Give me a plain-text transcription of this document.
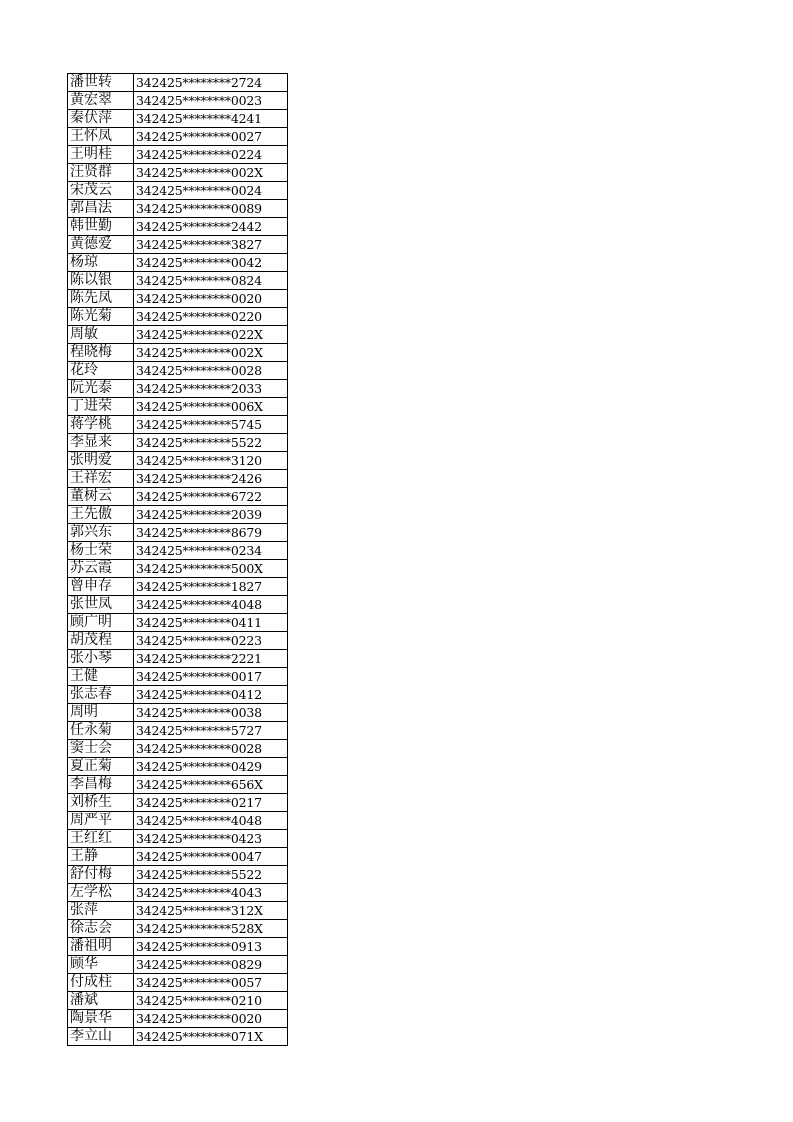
潘世转	342425********2724
黄宏翠	342425********0023
秦伏萍	342425********4241
王怀凤	342425********0027
王明桂	342425********0224
汪贤群	342425********002X
宋茂云	342425********0024
郭昌法	342425********0089
韩世勤	342425********2442
黄德爱	342425********3827
杨琼	342425********0042
陈以银	342425********0824
陈先凤	342425********0020
陈光菊	342425********0220
周敏	342425********022X
程晓梅	342425********002X
花玲	342425********0028
阮光泰	342425********2033
丁进荣	342425********006X
蒋学桃	342425********5745
李显来	342425********5522
张明爱	342425********3120
王祥宏	342425********2426
董树云	342425********6722
王先傲	342425********2039
郭兴东	342425********8679
杨士荣	342425********0234
苏云霞	342425********500X
曾申存	342425********1827
张世凤	342425********4048
顾广明	342425********0411
胡茂程	342425********0223
张小琴	342425********2221
王健	342425********0017
张志春	342425********0412
周明	342425********0038
任永菊	342425********5727
窦士会	342425********0028
夏正菊	342425********0429
李昌梅	342425********656X
刘桥生	342425********0217
周严平	342425********4048
王红红	342425********0423
王静	342425********0047
舒付梅	342425********5522
左学松	342425********4043
张萍	342425********312X
徐志会	342425********528X
潘祖明	342425********0913
顾华	342425********0829
付成柱	342425********0057
潘斌	342425********0210
陶景华	342425********0020
李立山	342425********071X
